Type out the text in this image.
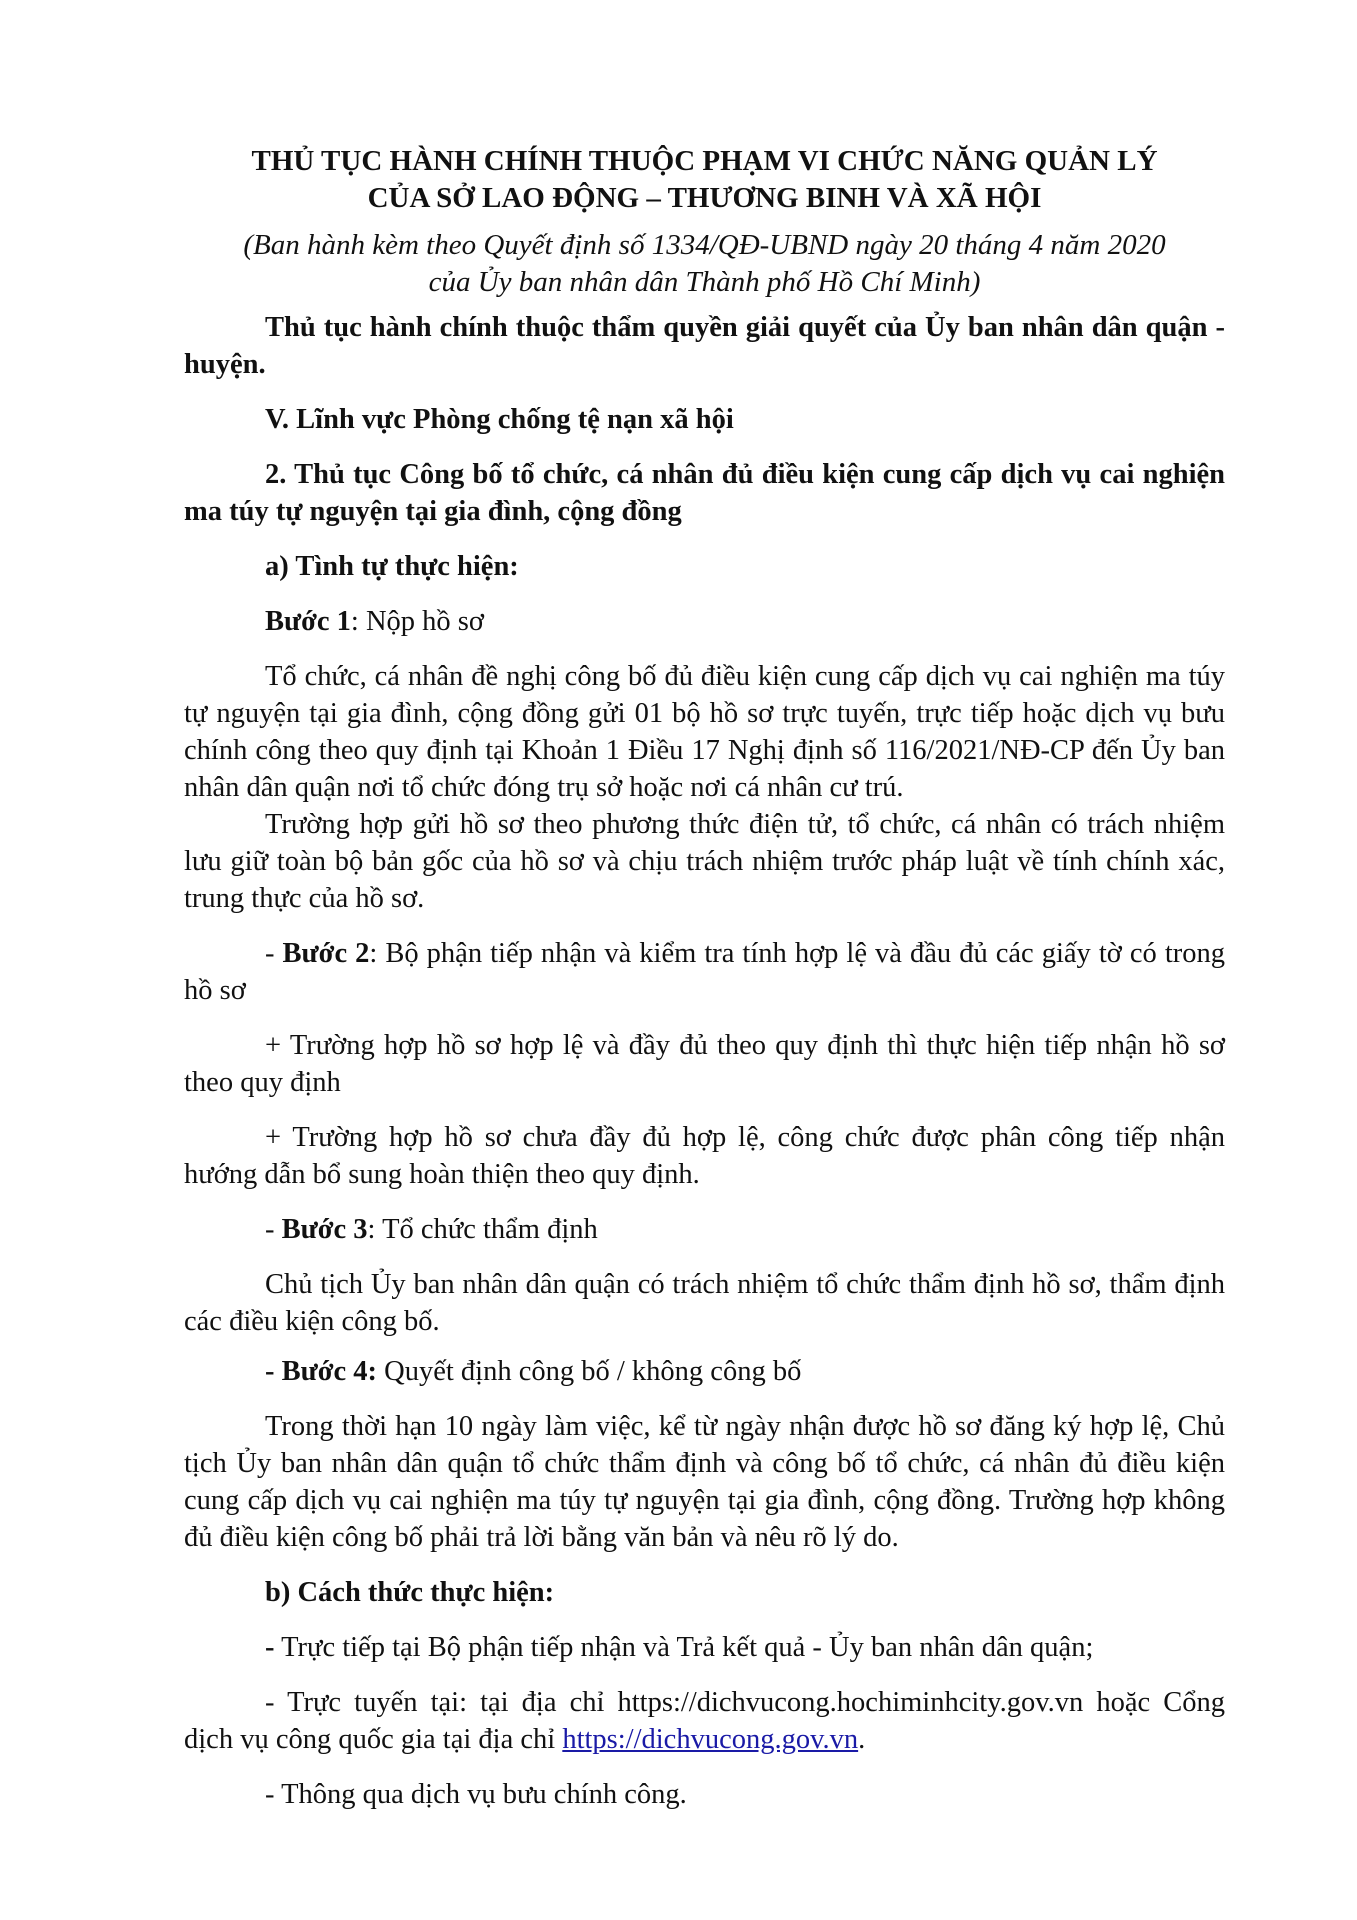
THỦ TỤC HÀNH CHÍNH THUỘC PHẠM VI CHỨC NĂNG QUẢN LÝ

CỦA SỞ LAO ĐỘNG – THƯƠNG BINH VÀ XÃ HỘI

(Ban hành kèm theo Quyết định số 1334/QĐ-UBND ngày 20 tháng 4 năm 2020

của Ủy ban nhân dân Thành phố Hồ Chí Minh)

Thủ tục hành chính thuộc thẩm quyền giải quyết của Ủy ban nhân dân quận - huyện.

V. Lĩnh vực Phòng chống tệ nạn xã hội

2. Thủ tục Công bố tổ chức, cá nhân đủ điều kiện cung cấp dịch vụ cai nghiện ma túy tự nguyện tại gia đình, cộng đồng

a) Tình tự thực hiện:

Bước 1: Nộp hồ sơ

Tổ chức, cá nhân đề nghị công bố đủ điều kiện cung cấp dịch vụ cai nghiện ma túy tự nguyện tại gia đình, cộng đồng gửi 01 bộ hồ sơ trực tuyến, trực tiếp hoặc dịch vụ bưu chính công theo quy định tại Khoản 1 Điều 17 Nghị định số 116/2021/NĐ-CP đến Ủy ban nhân dân quận nơi tổ chức đóng trụ sở hoặc nơi cá nhân cư trú.

Trường hợp gửi hồ sơ theo phương thức điện tử, tổ chức, cá nhân có trách nhiệm lưu giữ toàn bộ bản gốc của hồ sơ và chịu trách nhiệm trước pháp luật về tính chính xác, trung thực của hồ sơ.

- Bước 2: Bộ phận tiếp nhận và kiểm tra tính hợp lệ và đầu đủ các giấy tờ có trong hồ sơ

+ Trường hợp hồ sơ hợp lệ và đầy đủ theo quy định thì thực hiện tiếp nhận hồ sơ theo quy định

+ Trường hợp hồ sơ chưa đầy đủ hợp lệ, công chức được phân công tiếp nhận hướng dẫn bổ sung hoàn thiện theo quy định.

- Bước 3: Tổ chức thẩm định

Chủ tịch Ủy ban nhân dân quận có trách nhiệm tổ chức thẩm định hồ sơ, thẩm định các điều kiện công bố.

- Bước 4: Quyết định công bố / không công bố

Trong thời hạn 10 ngày làm việc, kể từ ngày nhận được hồ sơ đăng ký hợp lệ, Chủ tịch Ủy ban nhân dân quận tổ chức thẩm định và công bố tổ chức, cá nhân đủ điều kiện cung cấp dịch vụ cai nghiện ma túy tự nguyện tại gia đình, cộng đồng. Trường hợp không đủ điều kiện công bố phải trả lời bằng văn bản và nêu rõ lý do.

b) Cách thức thực hiện:

- Trực tiếp tại Bộ phận tiếp nhận và Trả kết quả - Ủy ban nhân dân quận;

- Trực tuyến tại: tại địa chỉ https://dichvucong.hochiminhcity.gov.vn hoặc Cổng dịch vụ công quốc gia tại địa chỉ https://dichvucong.gov.vn.

- Thông qua dịch vụ bưu chính công.
